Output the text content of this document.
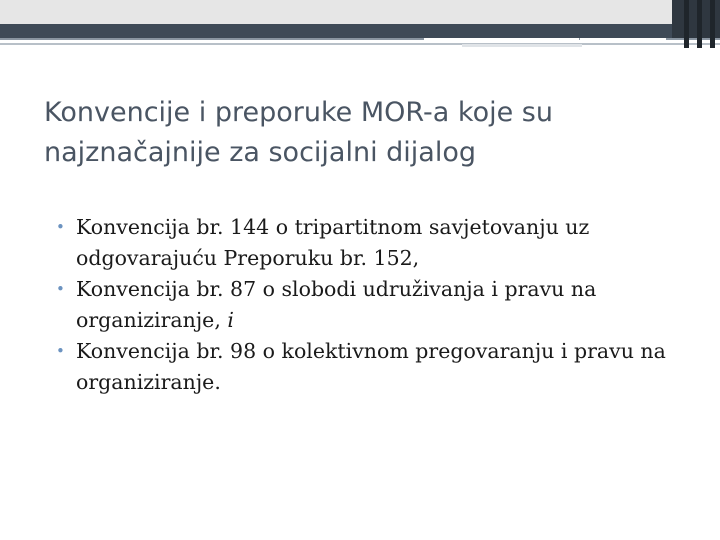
Konvencije i preporuke MOR-a koje su najznačajnije za socijalni dijalog
• Konvencija br. 144 o tripartitnom savjetovanju uz odgovarajuću Preporuku br. 152,
• Konvencija br. 87 o slobodi udruživanja i pravu na organiziranje, i
• Konvencija br. 98 o kolektivnom pregovaranju i pravu na organiziranje.
